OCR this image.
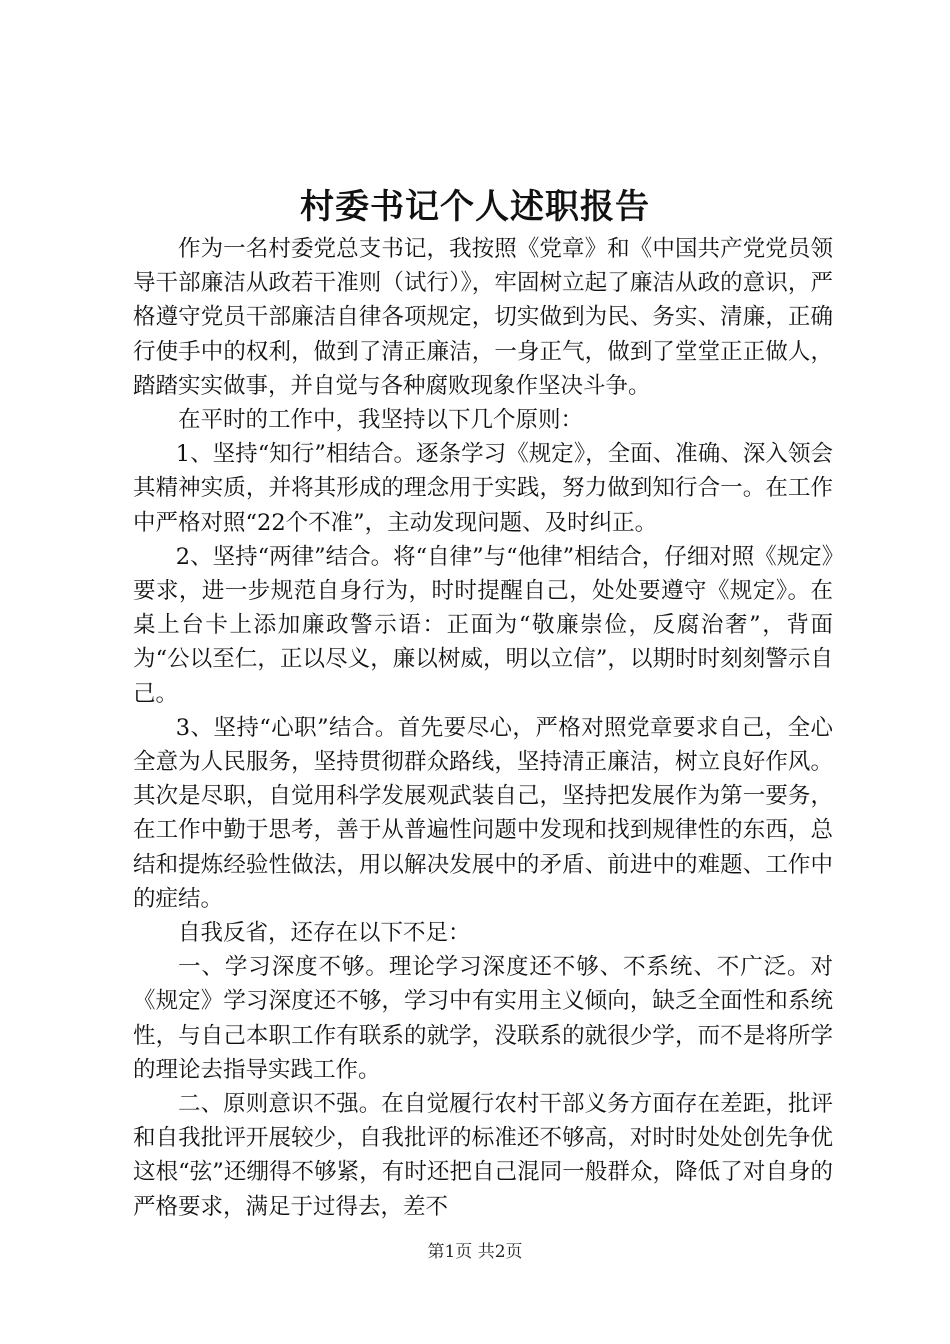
村委书记个人述职报告

作为一名村委党总支书记，我按照《党章》和《中国共产党党员领导干部廉洁从政若干准则（试行）》，牢固树立起了廉洁从政的意识，严格遵守党员干部廉洁自律各项规定，切实做到为民、务实、清廉，正确行使手中的权利，做到了清正廉洁，一身正气，做到了堂堂正正做人，踏踏实实做事，并自觉与各种腐败现象作坚决斗争。

在平时的工作中，我坚持以下几个原则：

1、坚持“知行”相结合。逐条学习《规定》，全面、准确、深入领会其精神实质，并将其形成的理念用于实践，努力做到知行合一。在工作中严格对照“22个不准”，主动发现问题、及时纠正。

2、坚持“两律”结合。将“自律”与“他律”相结合，仔细对照《规定》要求，进一步规范自身行为，时时提醒自己，处处要遵守《规定》。在桌上台卡上添加廉政警示语：正面为“敬廉崇俭，反腐治奢”，背面为“公以至仁，正以尽义，廉以树威，明以立信”，以期时时刻刻警示自己。

3、坚持“心职”结合。首先要尽心，严格对照党章要求自己，全心全意为人民服务，坚持贯彻群众路线，坚持清正廉洁，树立良好作风。其次是尽职，自觉用科学发展观武装自己，坚持把发展作为第一要务，在工作中勤于思考，善于从普遍性问题中发现和找到规律性的东西，总结和提炼经验性做法，用以解决发展中的矛盾、前进中的难题、工作中的症结。

自我反省，还存在以下不足：

一、学习深度不够。理论学习深度还不够、不系统、不广泛。对《规定》学习深度还不够，学习中有实用主义倾向，缺乏全面性和系统性，与自己本职工作有联系的就学，没联系的就很少学，而不是将所学的理论去指导实践工作。

二、原则意识不强。在自觉履行农村干部义务方面存在差距，批评和自我批评开展较少，自我批评的标准还不够高，对时时处处创先争优这根“弦”还绷得不够紧，有时还把自己混同一般群众，降低了对自身的严格要求，满足于过得去，差不

第1页 共2页
